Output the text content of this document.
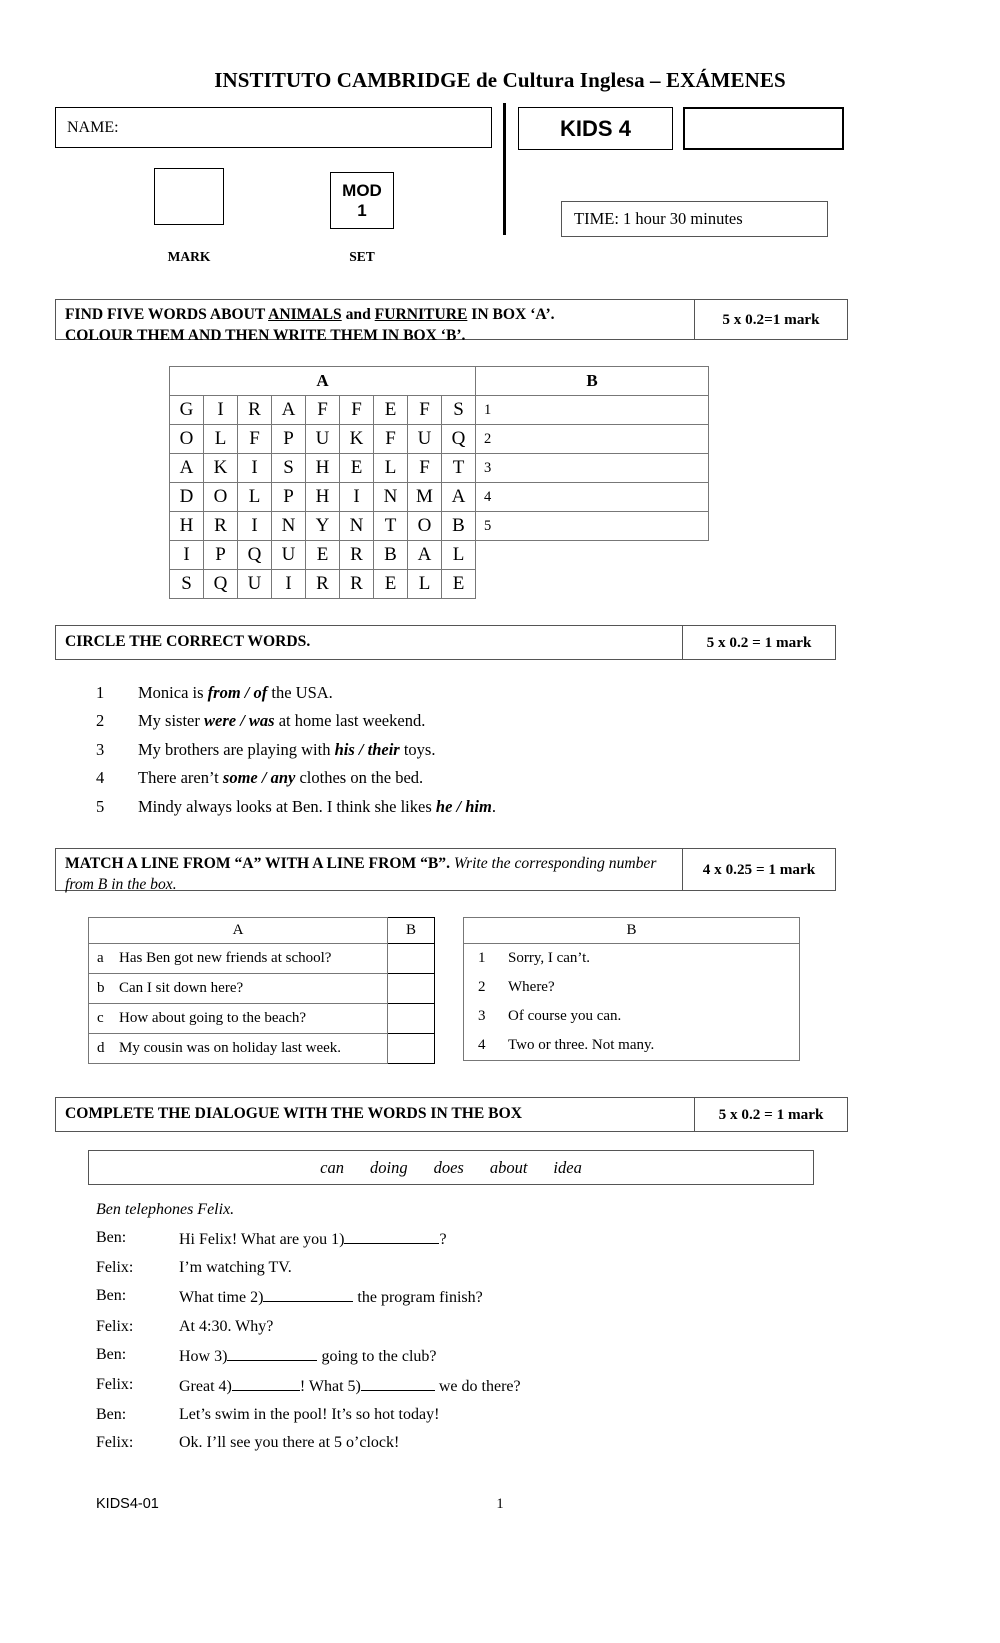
INSTITUTO CAMBRIDGE de Cultura Inglesa – EXÁMENES
NAME:	KIDS 4
MARK
MOD
1
SET
TIME: 1 hour 30 minutes
FIND FIVE WORDS ABOUT ANIMALS and FURNITURE IN BOX ‘A’.
COLOUR THEM AND THEN WRITE THEM IN BOX ‘B’.
5 x 0.2=1 mark
A								
G	I	R	A	F	F	E	F	S
O	L	F	P	U	K	F	U	Q
A	K	I	S	H	E	L	F	T
D	O	L	P	H	I	N	M	A
H	R	I	N	Y	N	T	O	B
I	P	Q	U	E	R	B	A	L
S	Q	U	I	R	R	E	L	E
B
1
2
3
4
5
CIRCLE THE CORRECT WORDS.	5 x 0.2 = 1 mark
1	Monica is from / of the USA.
2	My sister were / was at home last weekend.
3	My brothers are playing with his / their toys.
4	There aren’t some / any clothes on the bed.
5	Mindy always looks at Ben. I think she likes he / him.
MATCH A LINE FROM “A” WITH A LINE FROM “B”. Write the corresponding number from B in the box.
4 x 0.25 = 1 mark
A	B
a Has Ben got new friends at school?	
b Can I sit down here?	
c How about going to the beach?	
d My cousin was on holiday last week.	
B
1 Sorry, I can’t.
2 Where?
3 Of course you can.
4 Two or three. Not many.
COMPLETE THE DIALOGUE WITH THE WORDS IN THE BOX	5 x 0.2 = 1 mark
can doing does about idea
Ben telephones Felix.
Ben:	Hi Felix! What are you 1)	?
Felix:	I’m watching TV.
Ben:	What time 2)	the program finish?
Felix:	At 4:30. Why?
Ben:	How 3)	going to the club?
Felix:	Great 4)	! What 5)	we do there?
Ben:	Let’s swim in the pool! It’s so hot today!
Felix:	Ok. I’ll see you there at 5 o’clock!
KIDS4-01	1
